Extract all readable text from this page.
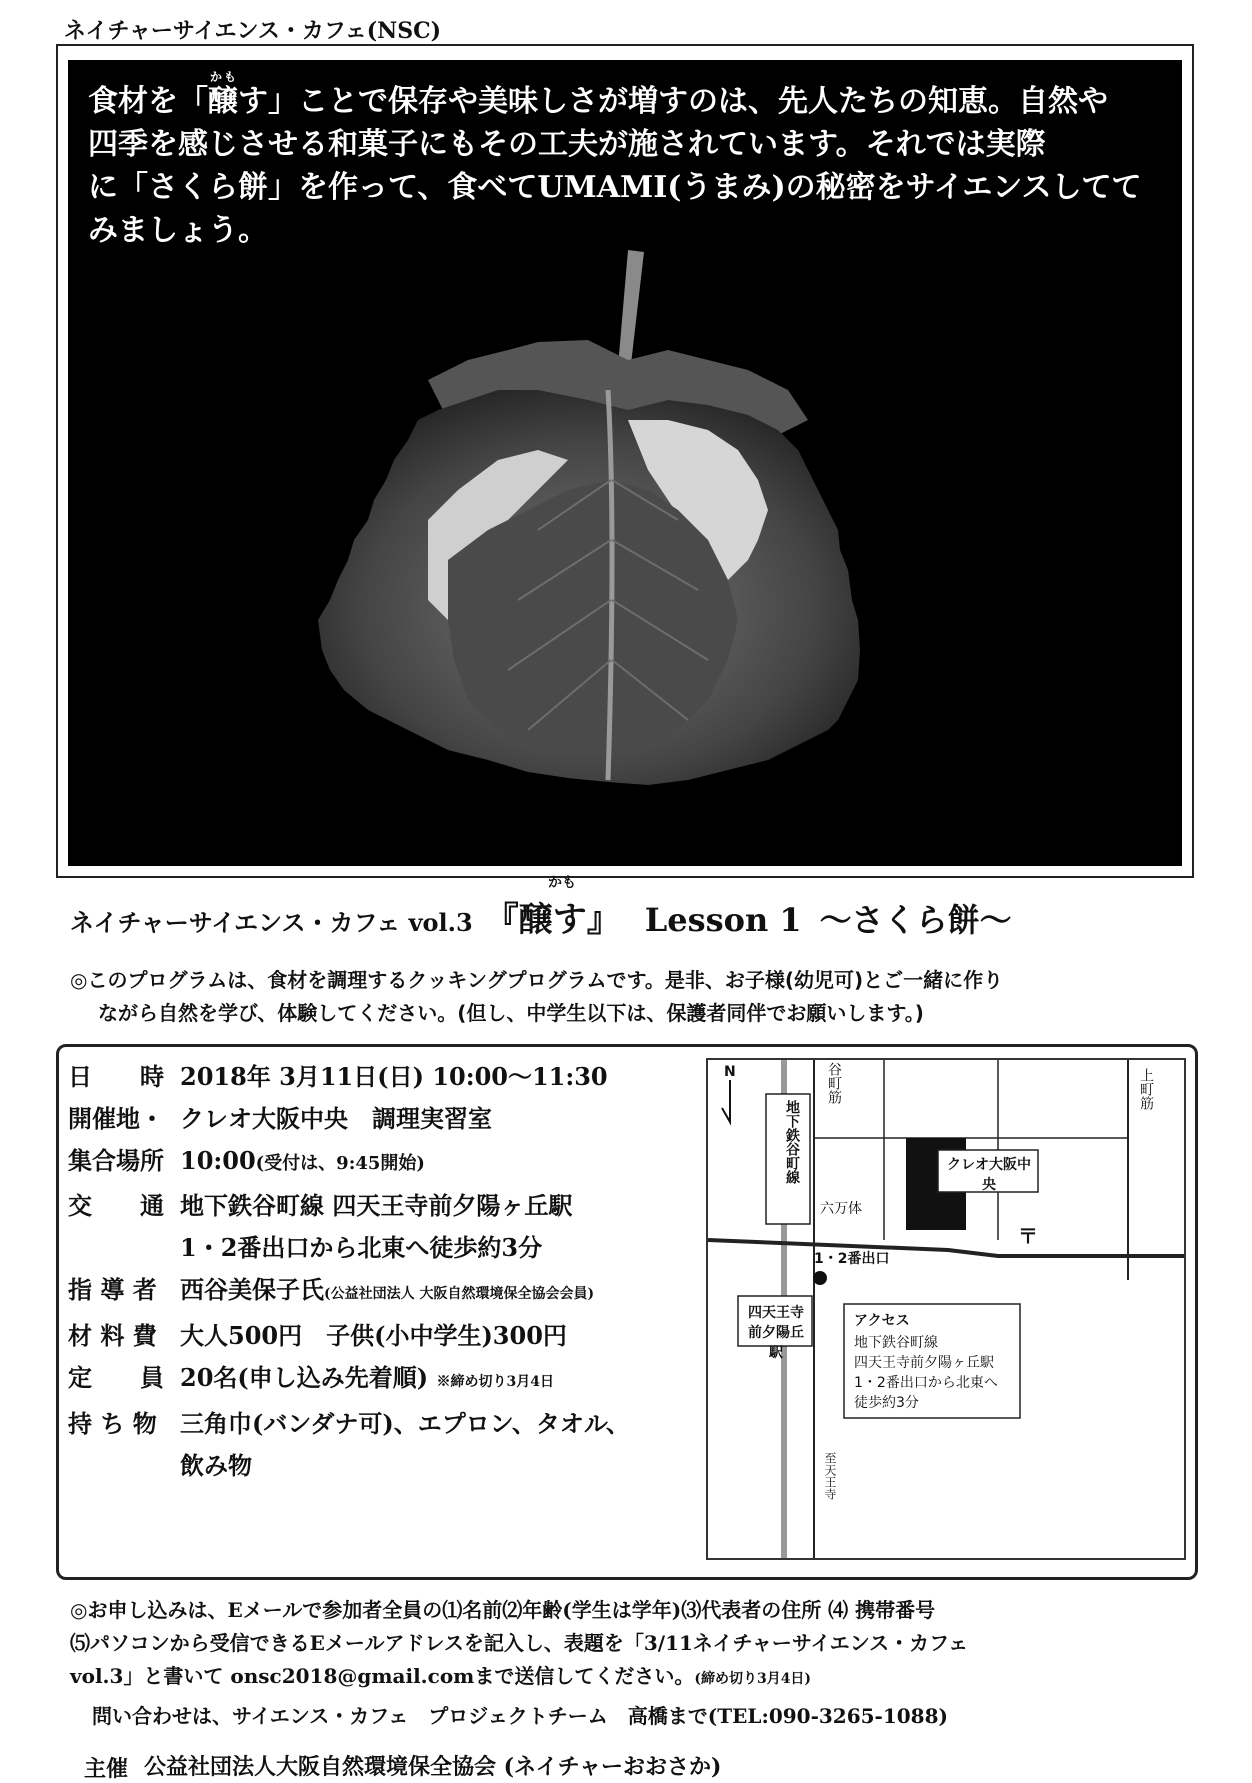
ネイチャーサイエンス・カフェ(NSC)
食材を「醸す」ことで保存や美味しさが増すのは、先人たちの知恵。自然や
四季を感じさせる和菓子にもその工夫が施されています。それでは実際
に「さくら餅」を作って、食べてUMAMI(うまみ)の秘密をサイエンスしてて
みましょう。
かも
かも
ネイチャーサイエンス・カフェ vol.3 『醸す』 Lesson 1 〜さくら餅〜
◎このプログラムは、食材を調理するクッキングプログラムです。是非、お子様(幼児可)とご一緒に作り
ながら自然を学び、体験してください。(但し、中学生以下は、保護者同伴でお願いします。)
日　　時 2018年 3月11日(日) 10:00〜11:30
開催地・ クレオ大阪中央　調理実習室
集合場所 10:00(受付は、9:45開始)
交　　通 地下鉄谷町線 四天王寺前夕陽ヶ丘駅
1・2番出口から北東へ徒歩約3分
指 導 者 西谷美保子氏(公益社団法人 大阪自然環境保全協会会員)
材 料 費 大人500円　子供(小中学生)300円
定　　員 20名(申し込み先着順) ※締め切り3月4日
持 ち 物 三角巾(バンダナ可)、エプロン、タオル、
飲み物
N
地下鉄谷町線
谷町筋	上町筋
クレオ大阪中央
六万体
1・2番出口
四天王寺前夕陽丘駅
至天王寺
〒
アクセス
地下鉄谷町線
四天王寺前夕陽ヶ丘駅
1・2番出口から北東へ
徒歩約3分
◎お申し込みは、Eメールで参加者全員の⑴名前⑵年齢(学生は学年)⑶代表者の住所 ⑷ 携帯番号
⑸パソコンから受信できるEメールアドレスを記入し、表題を「3/11ネイチャーサイエンス・カフェ
vol.3」と書いて onsc2018@gmail.comまで送信してください。(締め切り3月4日)
問い合わせは、サイエンス・カフェ　プロジェクトチーム　高橋まで(TEL:090-3265-1088)
主催 公益社団法人大阪自然環境保全協会 (ネイチャーおおさか)
